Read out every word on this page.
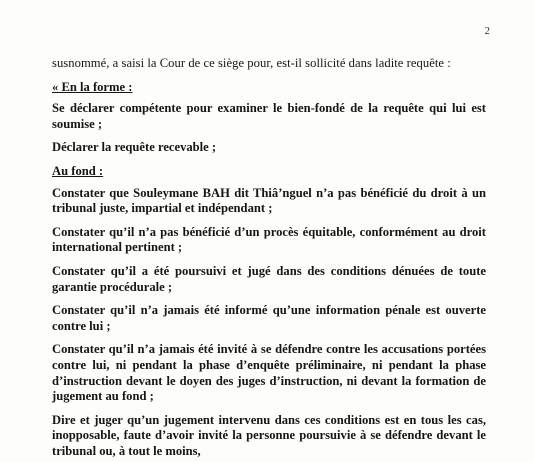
2

susnommé, a saisi la Cour de ce siège pour, est-il sollicité dans ladite requête :

« En la forme :

Se déclarer compétente pour examiner le bien-fondé de la requête qui lui est soumise ;

Déclarer la requête recevable ;

Au fond :

Constater que Souleymane BAH dit Thiâ’nguel n’a pas bénéficié du droit à un tribunal juste, impartial et indépendant ;

Constater qu’il n’a pas bénéficié d’un procès équitable, conformément au droit international pertinent ;

Constater qu’il a été poursuivi et jugé dans des conditions dénuées de toute garantie procédurale ;

Constater qu’il n’a jamais été informé qu’une information pénale est ouverte contre lui ;

Constater qu’il n’a jamais été invité à se défendre contre les accusations portées contre lui, ni pendant la phase d’enquête préliminaire, ni pendant la phase d’instruction devant le doyen des juges d’instruction, ni devant la formation de jugement au fond ;

Dire et juger qu’un jugement intervenu dans ces conditions est en tous les cas, inopposable, faute d’avoir invité la personne poursuivie à se défendre devant le tribunal ou, à tout le moins,
